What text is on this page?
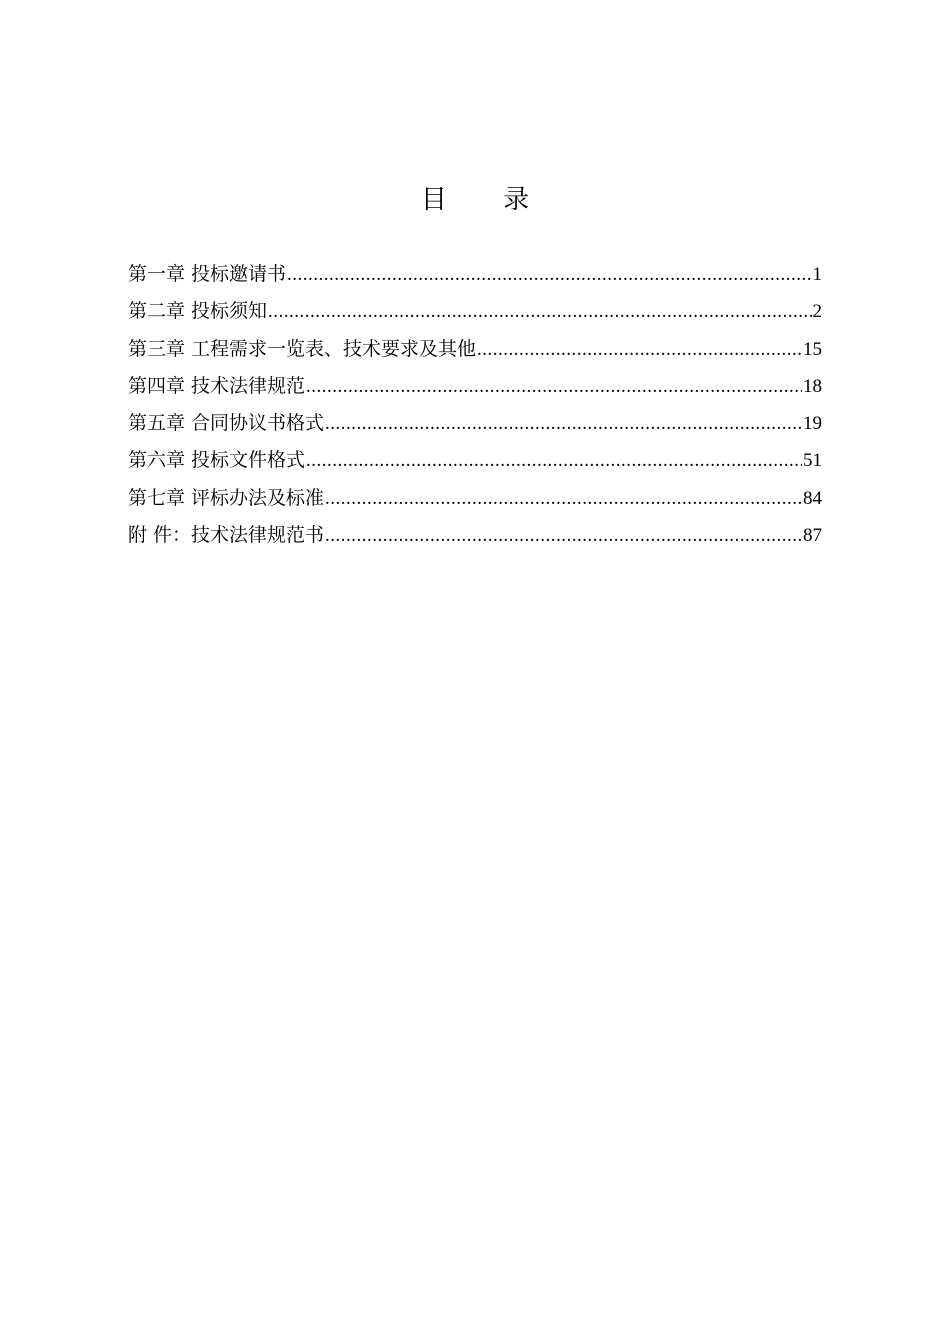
目 录
第一章 投标邀请书 .....	1
第二章 投标须知 .....	2
第三章 工程需求一览表、技术要求及其他 .....	15
第四章 技术法律规范 .....	18
第五章 合同协议书格式 .....	19
第六章 投标文件格式 .....	51
第七章 评标办法及标准 .....	84
附 件：技术法律规范书 .....	87
